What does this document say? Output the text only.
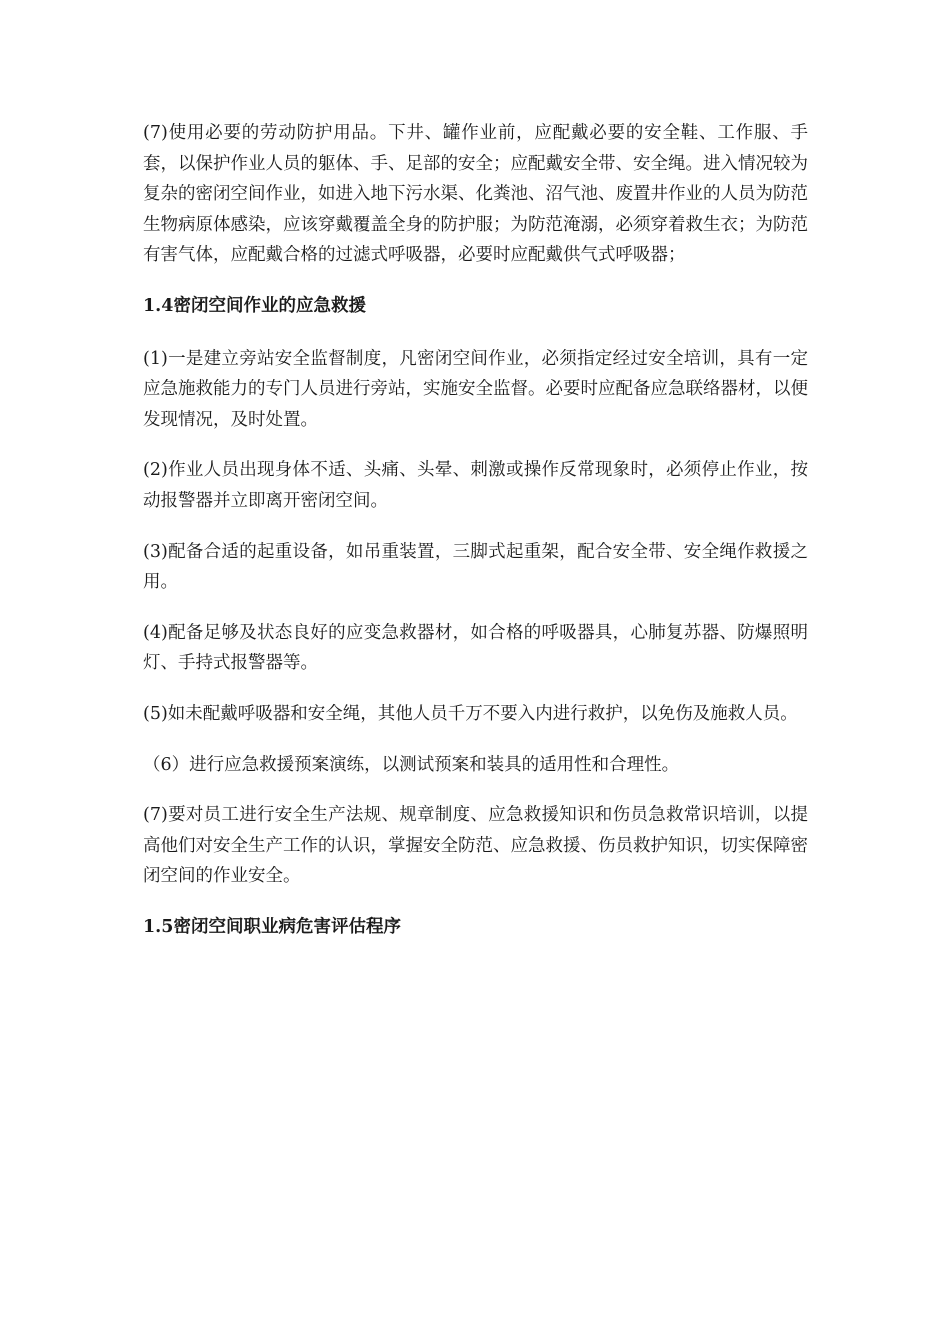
(7)使用必要的劳动防护用品。下井、罐作业前，应配戴必要的安全鞋、工作服、手套，以保护作业人员的躯体、手、足部的安全；应配戴安全带、安全绳。进入情况较为复杂的密闭空间作业，如进入地下污水渠、化粪池、沼气池、废置井作业的人员为防范生物病原体感染，应该穿戴覆盖全身的防护服；为防范淹溺，必须穿着救生衣；为防范有害气体，应配戴合格的过滤式呼吸器，必要时应配戴供气式呼吸器；

1.4密闭空间作业的应急救援

(1)一是建立旁站安全监督制度，凡密闭空间作业，必须指定经过安全培训，具有一定应急施救能力的专门人员进行旁站，实施安全监督。必要时应配备应急联络器材，以便发现情况，及时处置。

(2)作业人员出现身体不适、头痛、头晕、刺激或操作反常现象时，必须停止作业，按动报警器并立即离开密闭空间。

(3)配备合适的起重设备，如吊重装置，三脚式起重架，配合安全带、安全绳作救援之用。

(4)配备足够及状态良好的应变急救器材，如合格的呼吸器具，心肺复苏器、防爆照明灯、手持式报警器等。

(5)如未配戴呼吸器和安全绳，其他人员千万不要入内进行救护，以免伤及施救人员。

（6）进行应急救援预案演练，以测试预案和装具的适用性和合理性。

(7)要对员工进行安全生产法规、规章制度、应急救援知识和伤员急救常识培训，以提高他们对安全生产工作的认识，掌握安全防范、应急救援、伤员救护知识，切实保障密闭空间的作业安全。

1.5密闭空间职业病危害评估程序
